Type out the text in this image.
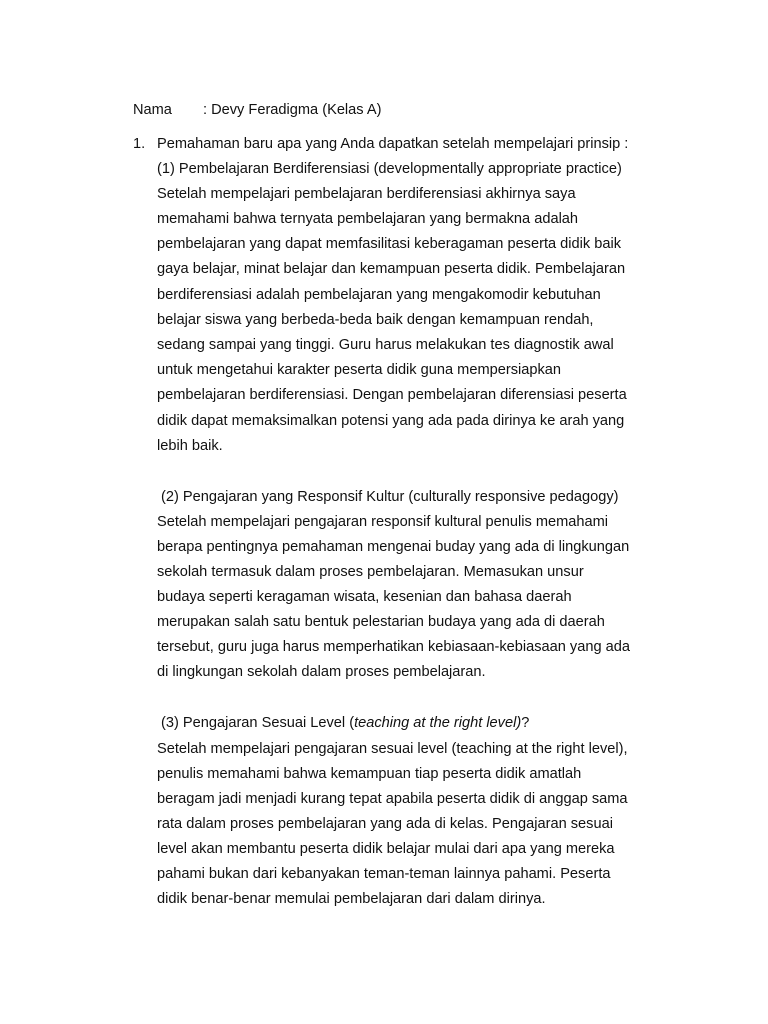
Nama : Devy Feradigma (Kelas A)

1. Pemahaman baru apa yang Anda dapatkan setelah mempelajari prinsip :

(1) Pembelajaran Berdiferensiasi (developmentally appropriate practice)

Setelah mempelajari pembelajaran berdiferensiasi akhirnya saya

memahami bahwa ternyata pembelajaran yang bermakna adalah

pembelajaran yang dapat memfasilitasi keberagaman peserta didik baik

gaya belajar, minat belajar dan kemampuan peserta didik. Pembelajaran

berdiferensiasi adalah pembelajaran yang mengakomodir kebutuhan

belajar siswa yang berbeda-beda baik dengan kemampuan rendah,

sedang sampai yang tinggi. Guru harus melakukan tes diagnostik awal

untuk mengetahui karakter peserta didik guna mempersiapkan

pembelajaran berdiferensiasi. Dengan pembelajaran diferensiasi peserta

didik dapat memaksimalkan potensi yang ada pada dirinya ke arah yang

lebih baik.

(2) Pengajaran yang Responsif Kultur (culturally responsive pedagogy)

Setelah mempelajari pengajaran responsif kultural penulis memahami

berapa pentingnya pemahaman mengenai buday yang ada di lingkungan

sekolah termasuk dalam proses pembelajaran. Memasukan unsur

budaya seperti keragaman wisata, kesenian dan bahasa daerah

merupakan salah satu bentuk pelestarian budaya yang ada di daerah

tersebut, guru juga harus memperhatikan kebiasaan-kebiasaan yang ada

di lingkungan sekolah dalam proses pembelajaran.

(3) Pengajaran Sesuai Level (teaching at the right level)?

Setelah mempelajari pengajaran sesuai level (teaching at the right level),

penulis memahami bahwa kemampuan tiap peserta didik amatlah

beragam jadi menjadi kurang tepat apabila peserta didik di anggap sama

rata dalam proses pembelajaran yang ada di kelas. Pengajaran sesuai

level akan membantu peserta didik belajar mulai dari apa yang mereka

pahami bukan dari kebanyakan teman-teman lainnya pahami. Peserta

didik benar-benar memulai pembelajaran dari dalam dirinya.
